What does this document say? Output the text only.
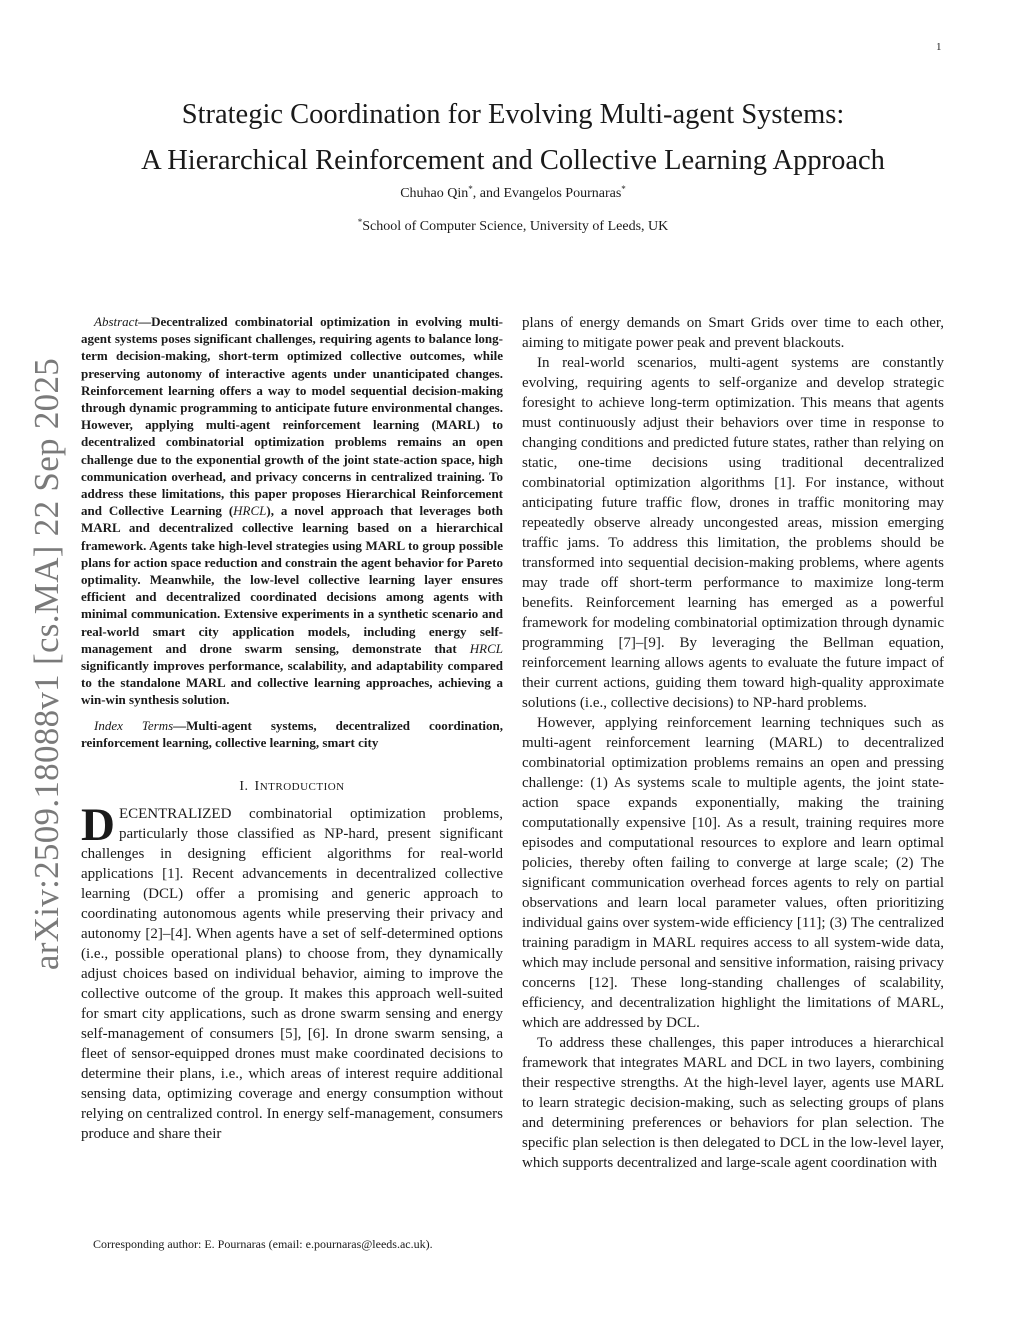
1
arXiv:2509.18088v1 [cs.MA] 22 Sep 2025
Strategic Coordination for Evolving Multi-agent Systems:
A Hierarchical Reinforcement and Collective Learning Approach
Chuhao Qin*, and Evangelos Pournaras*
*School of Computer Science, University of Leeds, UK

Abstract—Decentralized combinatorial optimization in evolving multi-agent systems poses significant challenges, requiring agents to balance long-term decision-making, short-term optimized collective outcomes, while preserving autonomy of interactive agents under unanticipated changes. Reinforcement learning offers a way to model sequential decision-making through dynamic programming to anticipate future environmental changes. However, applying multi-agent reinforcement learning (MARL) to decentralized combinatorial optimization problems remains an open challenge due to the exponential growth of the joint state-action space, high communication overhead, and privacy concerns in centralized training. To address these limitations, this paper proposes Hierarchical Reinforcement and Collective Learning (HRCL), a novel approach that leverages both MARL and decentralized collective learning based on a hierarchical framework. Agents take high-level strategies using MARL to group possible plans for action space reduction and constrain the agent behavior for Pareto optimality. Meanwhile, the low-level collective learning layer ensures efficient and decentralized coordinated decisions among agents with minimal communication. Extensive experiments in a synthetic scenario and real-world smart city application models, including energy self-management and drone swarm sensing, demonstrate that HRCL significantly improves performance, scalability, and adaptability compared to the standalone MARL and collective learning approaches, achieving a win-win synthesis solution.

Index Terms—Multi-agent systems, decentralized coordination, reinforcement learning, collective learning, smart city

I. INTRODUCTION

DECENTRALIZED combinatorial optimization problems, particularly those classified as NP-hard, present significant challenges in designing efficient algorithms for real-world applications [1]. Recent advancements in decentralized collective learning (DCL) offer a promising and generic approach to coordinating autonomous agents while preserving their privacy and autonomy [2]–[4]. When agents have a set of self-determined options (i.e., possible operational plans) to choose from, they dynamically adjust choices based on individual behavior, aiming to improve the collective outcome of the group. It makes this approach well-suited for smart city applications, such as drone swarm sensing and energy self-management of consumers [5], [6]. In drone swarm sensing, a fleet of sensor-equipped drones must make coordinated decisions to determine their plans, i.e., which areas of interest require additional sensing data, optimizing coverage and energy consumption without relying on centralized control. In energy self-management, consumers produce and share their

plans of energy demands on Smart Grids over time to each other, aiming to mitigate power peak and prevent blackouts.

In real-world scenarios, multi-agent systems are constantly evolving, requiring agents to self-organize and develop strategic foresight to achieve long-term optimization. This means that agents must continuously adjust their behaviors over time in response to changing conditions and predicted future states, rather than relying on static, one-time decisions using traditional decentralized combinatorial optimization algorithms [1]. For instance, without anticipating future traffic flow, drones in traffic monitoring may repeatedly observe already uncongested areas, mission emerging traffic jams. To address this limitation, the problems should be transformed into sequential decision-making problems, where agents may trade off short-term performance to maximize long-term benefits. Reinforcement learning has emerged as a powerful framework for modeling combinatorial optimization through dynamic programming [7]–[9]. By leveraging the Bellman equation, reinforcement learning allows agents to evaluate the future impact of their current actions, guiding them toward high-quality approximate solutions (i.e., collective decisions) to NP-hard problems.

However, applying reinforcement learning techniques such as multi-agent reinforcement learning (MARL) to decentralized combinatorial optimization problems remains an open and pressing challenge: (1) As systems scale to multiple agents, the joint state-action space expands exponentially, making the training computationally expensive [10]. As a result, training requires more episodes and computational resources to explore and learn optimal policies, thereby often failing to converge at large scale; (2) The significant communication overhead forces agents to rely on partial observations and learn local parameter values, often prioritizing individual gains over system-wide efficiency [11]; (3) The centralized training paradigm in MARL requires access to all system-wide data, which may include personal and sensitive information, raising privacy concerns [12]. These long-standing challenges of scalability, efficiency, and decentralization highlight the limitations of MARL, which are addressed by DCL.

To address these challenges, this paper introduces a hierarchical framework that integrates MARL and DCL in two layers, combining their respective strengths. At the high-level layer, agents use MARL to learn strategic decision-making, such as selecting groups of plans and determining preferences or behaviors for plan selection. The specific plan selection is then delegated to DCL in the low-level layer, which supports decentralized and large-scale agent coordination with

Corresponding author: E. Pournaras (email: e.pournaras@leeds.ac.uk).
